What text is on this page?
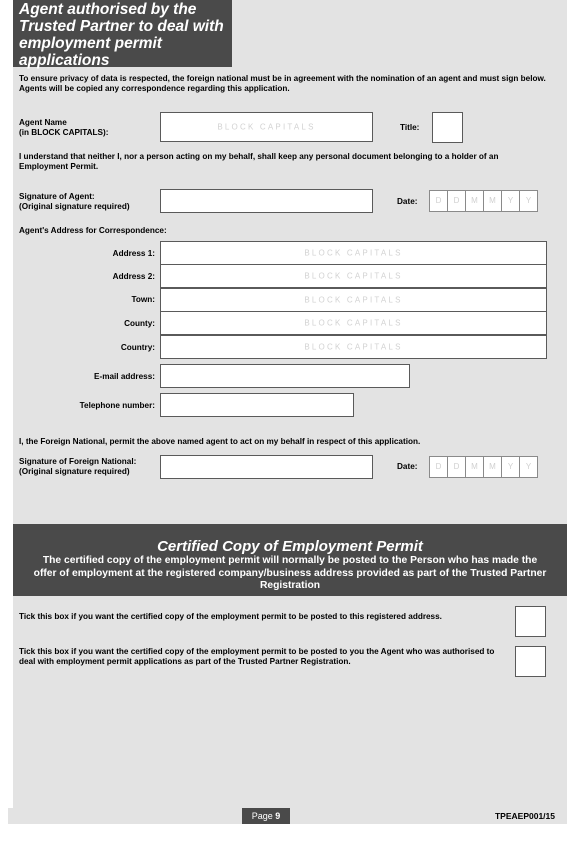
Agent authorised by the Trusted Partner to deal with employment permit applications
To ensure privacy of data is respected, the foreign national must be in agreement with the nomination of an agent and must sign below. Agents will be copied any correspondence regarding this application.
Agent Name
(in BLOCK CAPITALS):
BLOCK CAPITALS	Title:
I understand that neither I, nor a person acting on my behalf, shall keep any personal document belonging to a holder of an Employment Permit.
Signature of Agent:
(Original signature required)
Date:	D	D	M	M	Y	Y
Agent's Address for Correspondence:
Address 1:	BLOCK CAPITALS
Address 2:	BLOCK CAPITALS
Town:	BLOCK CAPITALS
County:	BLOCK CAPITALS
Country:	BLOCK CAPITALS
E-mail address:
Telephone number:
I, the Foreign National, permit the above named agent to act on my behalf in respect of this application.
Signature of Foreign National:
(Original signature required)
Date:	D	D	M	M	Y	Y
Certified Copy of Employment Permit
The certified copy of the employment permit will normally be posted to the Person who has made the offer of employment at the registered company/business address provided as part of the Trusted Partner Registration
Tick this box if you want the certified copy of the employment permit to be posted to this registered address.
Tick this box if you want the certified copy of the employment permit to be posted to you the Agent who was authorised to deal with employment permit applications as part of the Trusted Partner Registration.
Page 9	TPEAEP001/15
